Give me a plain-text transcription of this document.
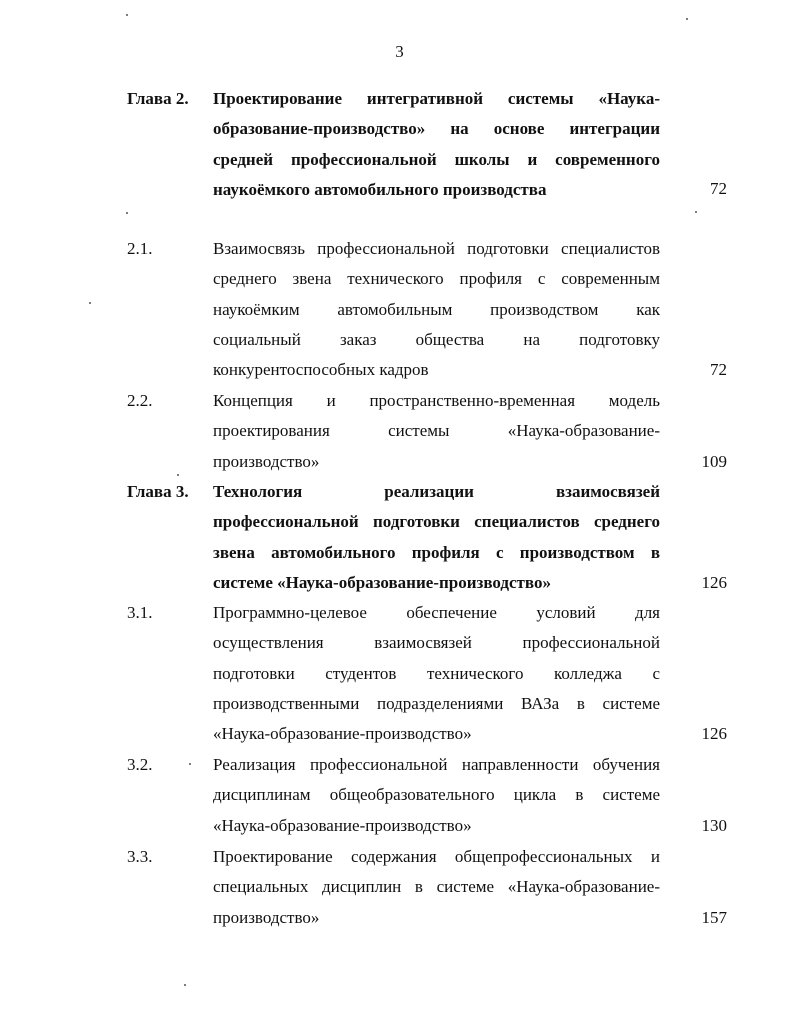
3
Глава 2. Проектирование интегративной системы «Наука-
образование-производство» на основе интеграции
средней профессиональной школы и современного
наукоёмкого автомобильного производства	72
2.1.	Взаимосвязь профессиональной подготовки специалистов
среднего звена технического профиля с современным
наукоёмким автомобильным производством как
социальный заказ общества на подготовку
конкурентоспособных кадров	72
2.2.	Концепция и пространственно-временная модель
проектирования системы «Наука-образование-
производство»	109
Глава 3. Технология реализации взаимосвязей
профессиональной подготовки специалистов среднего
звена автомобильного профиля с производством в
системе «Наука-образование-производство»	126
3.1.	Программно-целевое обеспечение условий для
осуществления взаимосвязей профессиональной
подготовки студентов технического колледжа с
производственными подразделениями ВАЗа в системе
«Наука-образование-производство»	126
3.2.	Реализация профессиональной направленности обучения
дисциплинам общеобразовательного цикла в системе
«Наука-образование-производство»	130
3.3.	Проектирование содержания общепрофессиональных и
специальных дисциплин в системе «Наука-образование-
производство»	157
